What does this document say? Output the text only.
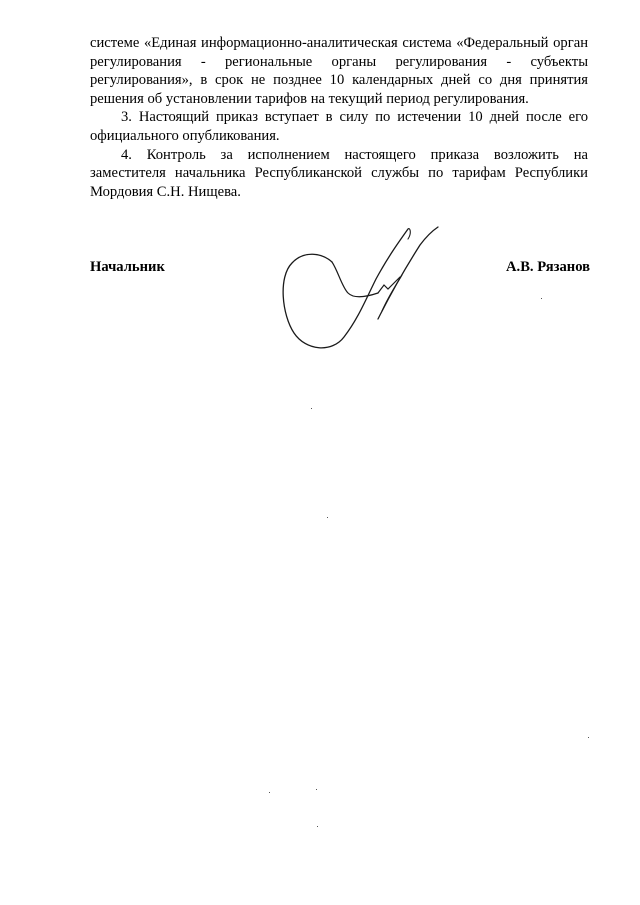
системе «Единая информационно-аналитическая система «Федеральный орган регулирования - региональные органы регулирования - субъекты регулирования», в срок не позднее 10 календарных дней со дня принятия решения об установлении тарифов на текущий период регулирования.

3. Настоящий приказ вступает в силу по истечении 10 дней после его официального опубликования.

4. Контроль за исполнением настоящего приказа возложить на заместителя начальника Республиканской службы по тарифам Республики Мордовия С.Н. Нищева.

Начальник	А.В. Рязанов
